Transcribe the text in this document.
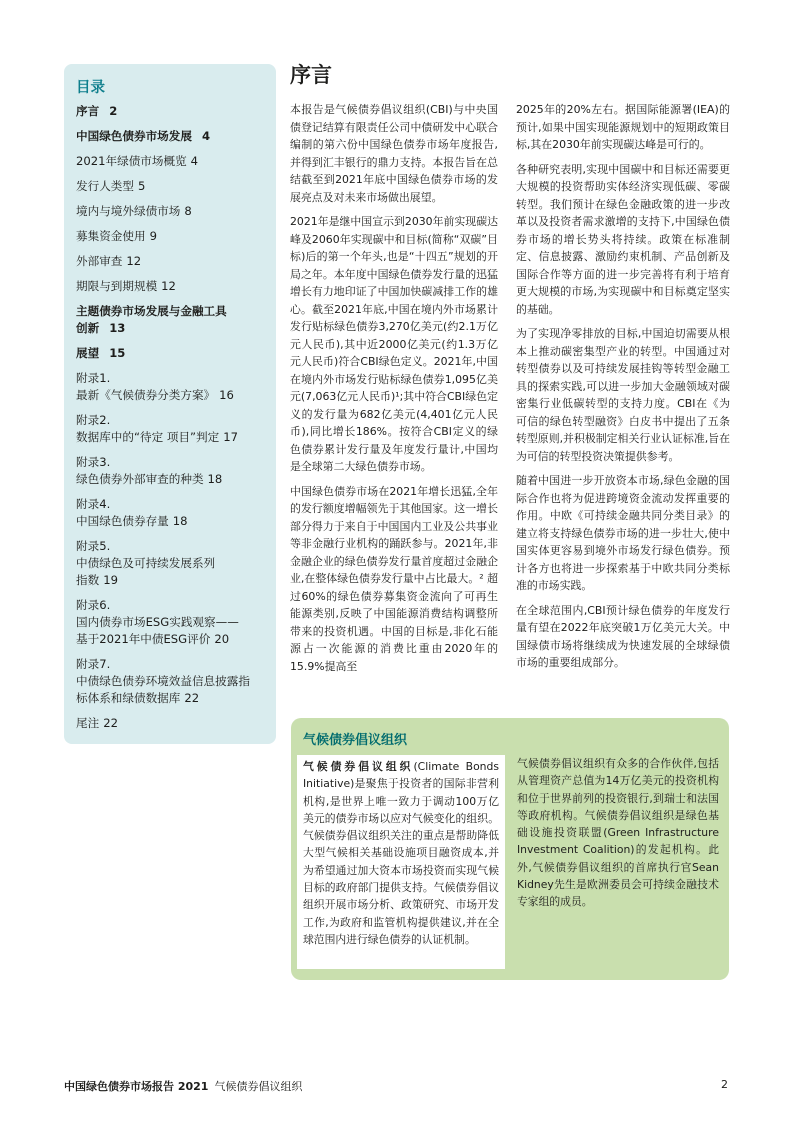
目录
序言 2
中国绿色债券市场发展 4
2021年绿债市场概览 4
发行人类型 5
境内与境外绿债市场 8
募集资金使用 9
外部审查 12
期限与到期规模 12
主题债券市场发展与金融工具
创新 13
展望 15
附录1.
最新《气候债券分类方案》 16
附录2.
数据库中的“待定 项目”判定 17
附录3.
绿色债券外部审查的种类 18
附录4.
中国绿色债券存量 18
附录5.
中债绿色及可持续发展系列
指数 19
附录6.
国内债券市场ESG实践观察——
基于2021年中债ESG评价 20
附录7.
中债绿色债券环境效益信息披露指
标体系和绿债数据库 22
尾注 22
序言

本报告是气候债券倡议组织(CBI)与中央国债登记结算有限责任公司中债研发中心联合编制的第六份中国绿色债券市场年度报告,并得到汇丰银行的鼎力支持。本报告旨在总结截至到2021年底中国绿色债券市场的发展亮点及对未来市场做出展望。

2021年是继中国宣示到2030年前实现碳达峰及2060年实现碳中和目标(简称“双碳”目标)后的第一个年头,也是“十四五”规划的开局之年。本年度中国绿色债券发行量的迅猛增长有力地印证了中国加快碳减排工作的雄心。截至2021年底,中国在境内外市场累计发行贴标绿色债券3,270亿美元(约2.1万亿元人民币),其中近2000亿美元(约1.3万亿元人民币)符合CBI绿色定义。2021年,中国在境内外市场发行贴标绿色债券1,095亿美元(7,063亿元人民币)¹;其中符合CBI绿色定义的发行量为682亿美元(4,401亿元人民币),同比增长186%。按符合CBI定义的绿色债券累计发行量及年度发行量计,中国均是全球第二大绿色债券市场。

中国绿色债券市场在2021年增长迅猛,全年的发行额度增幅领先于其他国家。这一增长部分得力于来自于中国国内工业及公共事业等非金融行业机构的踊跃参与。2021年,非金融企业的绿色债券发行量首度超过金融企业,在整体绿色债券发行量中占比最大。² 超过60%的绿色债券募集资金流向了可再生能源类别,反映了中国能源消费结构调整所带来的投资机遇。中国的目标是,非化石能源占一次能源的消费比重由2020年的15.9%提高至

2025年的20%左右。据国际能源署(IEA)的预计,如果中国实现能源规划中的短期政策目标,其在2030年前实现碳达峰是可行的。

各种研究表明,实现中国碳中和目标还需要更大规模的投资帮助实体经济实现低碳、零碳转型。我们预计在绿色金融政策的进一步改革以及投资者需求激增的支持下,中国绿色债券市场的增长势头将持续。政策在标准制定、信息披露、激励约束机制、产品创新及国际合作等方面的进一步完善将有利于培育更大规模的市场,为实现碳中和目标奠定坚实的基础。

为了实现净零排放的目标,中国迫切需要从根本上推动碳密集型产业的转型。中国通过对转型债券以及可持续发展挂钩等转型金融工具的探索实践,可以进一步加大金融领域对碳密集行业低碳转型的支持力度。CBI在《为可信的绿色转型融资》白皮书中提出了五条转型原则,并积极制定相关行业认证标准,旨在为可信的转型投资决策提供参考。

随着中国进一步开放资本市场,绿色金融的国际合作也将为促进跨境资金流动发挥重要的作用。中欧《可持续金融共同分类目录》的建立将支持绿色债券市场的进一步壮大,使中国实体更容易到境外市场发行绿色债券。预计各方也将进一步探索基于中欧共同分类标准的市场实践。

在全球范围内,CBI预计绿色债券的年度发行量有望在2022年底突破1万亿美元大关。中国绿债市场将继续成为快速发展的全球绿债市场的重要组成部分。

气候债券倡议组织
气候债券倡议组织(Climate Bonds Initiative)是聚焦于投资者的国际非营利机构,是世界上唯一致力于调动100万亿美元的债券市场以应对气候变化的组织。气候债券倡议组织关注的重点是帮助降低大型气候相关基础设施项目融资成本,并为希望通过加大资本市场投资而实现气候目标的政府部门提供支持。气候债券倡议组织开展市场分析、政策研究、市场开发工作,为政府和监管机构提供建议,并在全球范围内进行绿色债券的认证机制。
气候债券倡议组织有众多的合作伙伴,包括从管理资产总值为14万亿美元的投资机构和位于世界前列的投资银行,到瑞士和法国等政府机构。气候债券倡议组织是绿色基础设施投资联盟(Green Infrastructure Investment Coalition)的发起机构。此外,气候债券倡议组织的首席执行官Sean Kidney先生是欧洲委员会可持续金融技术专家组的成员。
中国绿色债券市场报告 2021 气候债券倡议组织	2
